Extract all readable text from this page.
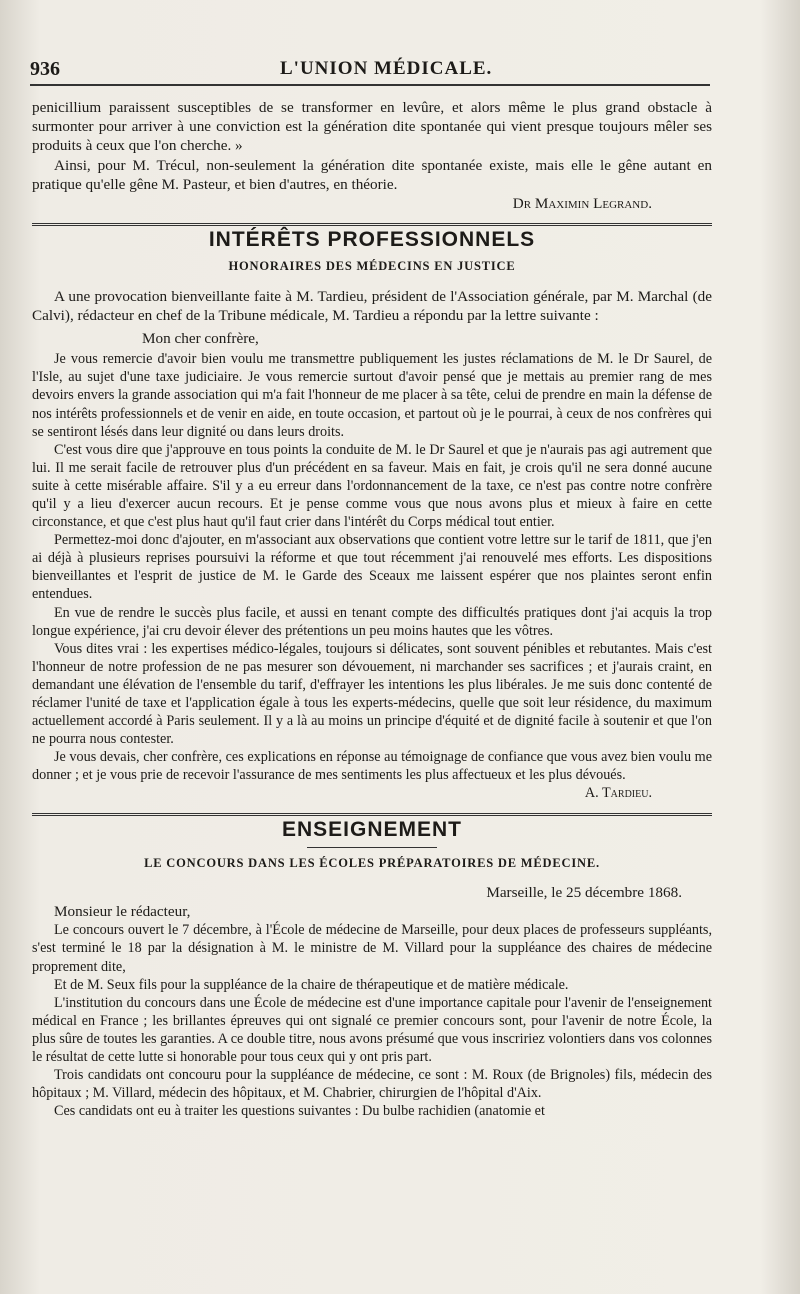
936	L'UNION MÉDICALE.

penicillium paraissent susceptibles de se transformer en levûre, et alors même le plus grand obstacle à surmonter pour arriver à une conviction est la génération dite spontanée qui vient presque toujours mêler ses produits à ceux que l'on cherche. »

Ainsi, pour M. Trécul, non-seulement la génération dite spontanée existe, mais elle le gêne autant en pratique qu'elle gêne M. Pasteur, et bien d'autres, en théorie.

Dr Maximin Legrand.

INTÉRÊTS PROFESSIONNELS
HONORAIRES DES MÉDECINS EN JUSTICE

A une provocation bienveillante faite à M. Tardieu, président de l'Association générale, par M. Marchal (de Calvi), rédacteur en chef de la Tribune médicale, M. Tardieu a répondu par la lettre suivante :

Mon cher confrère,

Je vous remercie d'avoir bien voulu me transmettre publiquement les justes réclamations de M. le Dr Saurel, de l'Isle, au sujet d'une taxe judiciaire. Je vous remercie surtout d'avoir pensé que je mettais au premier rang de mes devoirs envers la grande association qui m'a fait l'honneur de me placer à sa tête, celui de prendre en main la défense de nos intérêts professionnels et de venir en aide, en toute occasion, et partout où je le pourrai, à ceux de nos confrères qui se sentiront lésés dans leur dignité ou dans leurs droits.

C'est vous dire que j'approuve en tous points la conduite de M. le Dr Saurel et que je n'aurais pas agi autrement que lui. Il me serait facile de retrouver plus d'un précédent en sa faveur. Mais en fait, je crois qu'il ne sera donné aucune suite à cette misérable affaire. S'il y a eu erreur dans l'ordonnancement de la taxe, ce n'est pas contre notre confrère qu'il y a lieu d'exercer aucun recours. Et je pense comme vous que nous avons plus et mieux à faire en cette circonstance, et que c'est plus haut qu'il faut crier dans l'intérêt du Corps médical tout entier.

Permettez-moi donc d'ajouter, en m'associant aux observations que contient votre lettre sur le tarif de 1811, que j'en ai déjà à plusieurs reprises poursuivi la réforme et que tout récemment j'ai renouvelé mes efforts. Les dispositions bienveillantes et l'esprit de justice de M. le Garde des Sceaux me laissent espérer que nos plaintes seront enfin entendues.

En vue de rendre le succès plus facile, et aussi en tenant compte des difficultés pratiques dont j'ai acquis la trop longue expérience, j'ai cru devoir élever des prétentions un peu moins hautes que les vôtres.

Vous dites vrai : les expertises médico-légales, toujours si délicates, sont souvent pénibles et rebutantes. Mais c'est l'honneur de notre profession de ne pas mesurer son dévouement, ni marchander ses sacrifices ; et j'aurais craint, en demandant une élévation de l'ensemble du tarif, d'effrayer les intentions les plus libérales. Je me suis donc contenté de réclamer l'unité de taxe et l'application égale à tous les experts-médecins, quelle que soit leur résidence, du maximum actuellement accordé à Paris seulement. Il y a là au moins un principe d'équité et de dignité facile à soutenir et que l'on ne pourra nous contester.

Je vous devais, cher confrère, ces explications en réponse au témoignage de confiance que vous avez bien voulu me donner ; et je vous prie de recevoir l'assurance de mes sentiments les plus affectueux et les plus dévoués.

A. Tardieu.

ENSEIGNEMENT
LE CONCOURS DANS LES ÉCOLES PRÉPARATOIRES DE MÉDECINE.

Marseille, le 25 décembre 1868.

Monsieur le rédacteur,

Le concours ouvert le 7 décembre, à l'École de médecine de Marseille, pour deux places de professeurs suppléants, s'est terminé le 18 par la désignation à M. le ministre de M. Villard pour la suppléance des chaires de médecine proprement dite,

Et de M. Seux fils pour la suppléance de la chaire de thérapeutique et de matière médicale.

L'institution du concours dans une École de médecine est d'une importance capitale pour l'avenir de l'enseignement médical en France ; les brillantes épreuves qui ont signalé ce premier concours sont, pour l'avenir de notre École, la plus sûre de toutes les garanties. A ce double titre, nous avons présumé que vous inscririez volontiers dans vos colonnes le résultat de cette lutte si honorable pour tous ceux qui y ont pris part.

Trois candidats ont concouru pour la suppléance de médecine, ce sont : M. Roux (de Brignoles) fils, médecin des hôpitaux ; M. Villard, médecin des hôpitaux, et M. Chabrier, chirurgien de l'hôpital d'Aix.

Ces candidats ont eu à traiter les questions suivantes : Du bulbe rachidien (anatomie et
